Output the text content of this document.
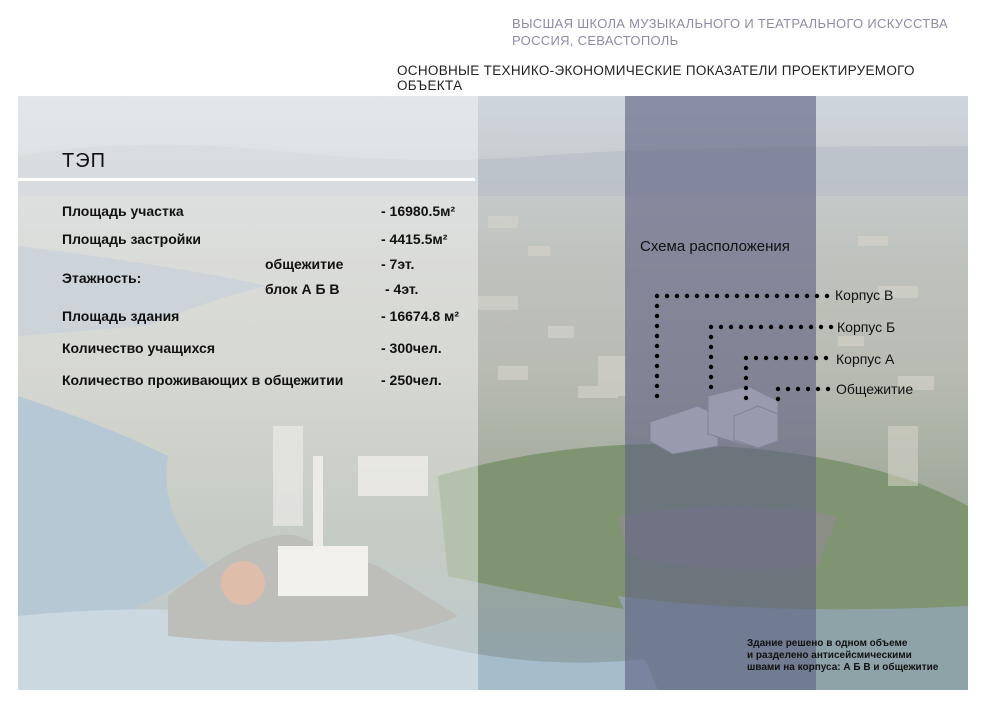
ВЫСШАЯ ШКОЛА МУЗЫКАЛЬНОГО И ТЕАТРАЛЬНОГО ИСКУССТВА
РОССИЯ, СЕВАСТОПОЛЬ
ОСНОВНЫЕ ТЕХНИКО-ЭКОНОМИЧЕСКИЕ ПОКАЗАТЕЛИ ПРОЕКТИРУЕМОГО ОБЪЕКТА
ТЭП
Площадь участка	- 16980.5м²
Площадь застройки	- 4415.5м²
Этажность:
общежитие	- 7эт.
блок А Б В	- 4эт.
Площадь здания	- 16674.8 м²
Количество учащихся	- 300чел.
Количество проживающих в общежитии	- 250чел.
Схема расположения
Корпус В
Корпус Б
Корпус А
Общежитие
Здание решено в одном объеме
и разделено антисейсмическими
швами на корпуса: А Б В и общежитие
